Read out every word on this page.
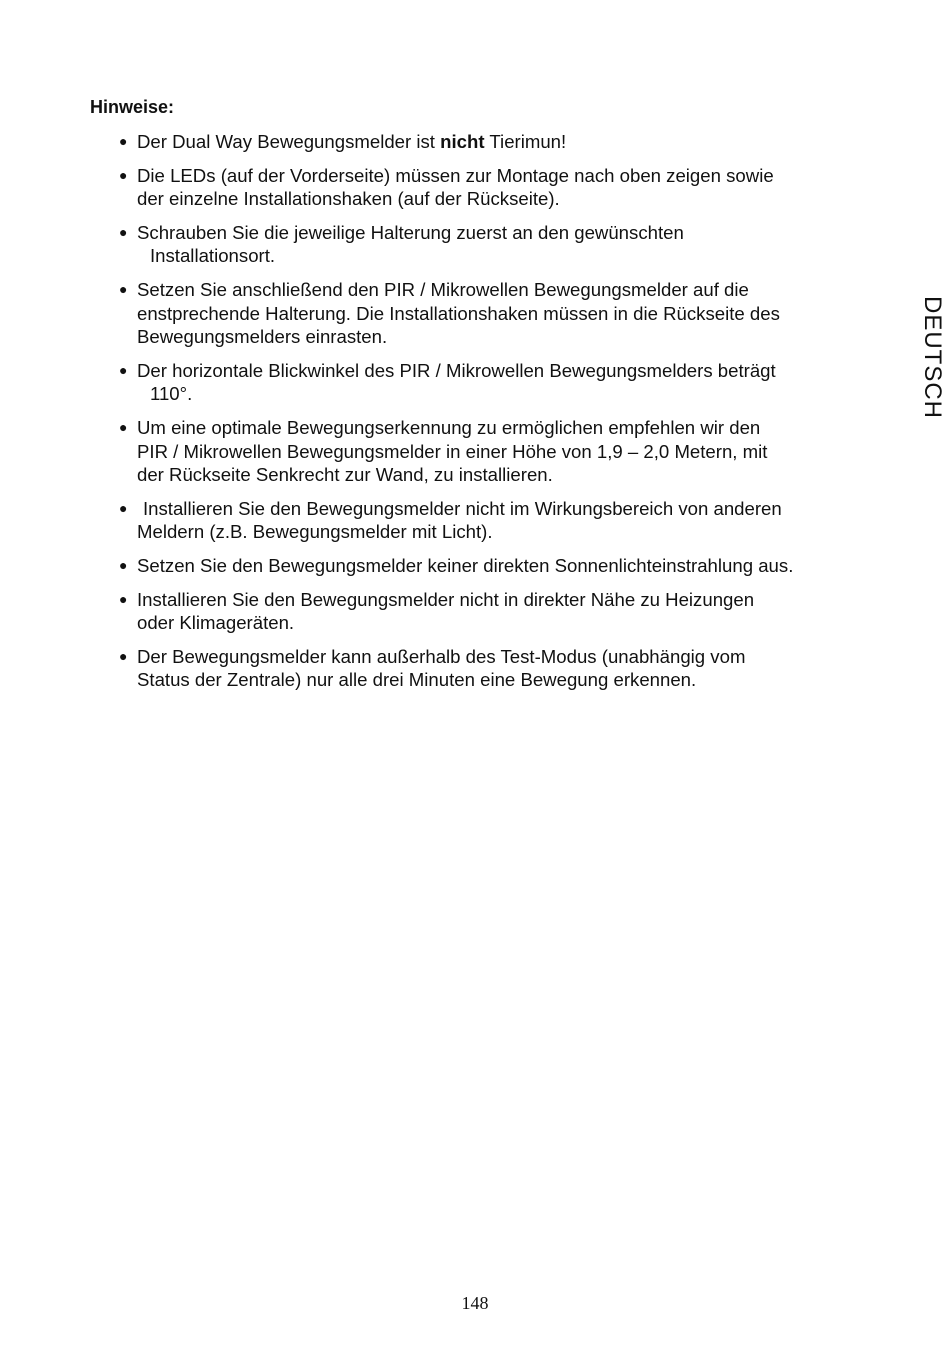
Hinweise:
● Der Dual Way Bewegungsmelder ist nicht Tierimun!
● Die LEDs (auf der Vorderseite) müssen zur Montage nach oben zeigen sowie
der einzelne Installationshaken (auf der Rückseite).
● Schrauben Sie die jeweilige Halterung zuerst an den gewünschten
Installationsort.
● Setzen Sie anschließend den PIR / Mikrowellen Bewegungsmelder auf die
enstprechende Halterung. Die Installationshaken müssen in die Rückseite des
Bewegungsmelders einrasten.
● Der horizontale Blickwinkel des PIR / Mikrowellen Bewegungsmelders beträgt
110°.
● Um eine optimale Bewegungserkennung zu ermöglichen empfehlen wir den
PIR / Mikrowellen Bewegungsmelder in einer Höhe von 1,9 – 2,0 Metern, mit
der Rückseite Senkrecht zur Wand, zu installieren.
● Installieren Sie den Bewegungsmelder nicht im Wirkungsbereich von anderen
Meldern (z.B. Bewegungsmelder mit Licht).
● Setzen Sie den Bewegungsmelder keiner direkten Sonnenlichteinstrahlung aus.
● Installieren Sie den Bewegungsmelder nicht in direkter Nähe zu Heizungen
oder Klimageräten.
● Der Bewegungsmelder kann außerhalb des Test-Modus (unabhängig vom
Status der Zentrale) nur alle drei Minuten eine Bewegung erkennen.
DEUTSCH
148
